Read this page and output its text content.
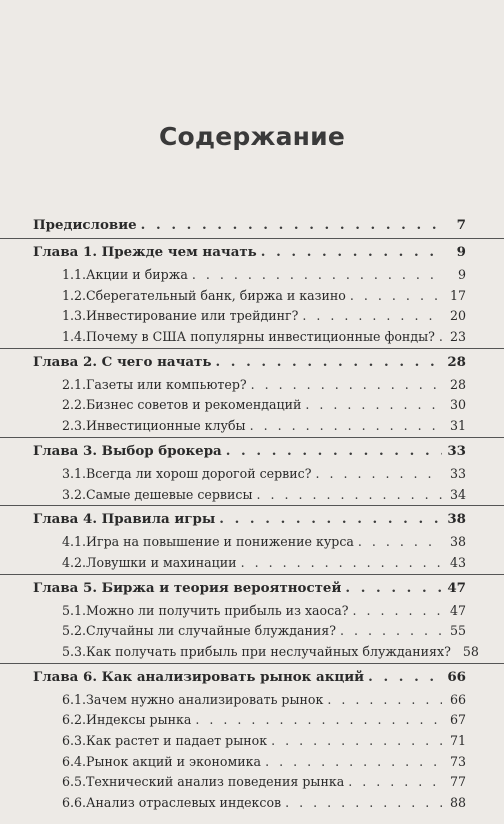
Содержание
Предисловие . . .	7
Глава 1. Прежде чем начать . . .	9
1.1. Акции и биржа . . .	9
1.2. Сберегательный банк, биржа и казино . . .	17
1.3. Инвестирование или трейдинг? . . .	20
1.4. Почему в США популярны инвестиционные фонды? . . .	23
Глава 2. С чего начать . . .	28
2.1. Газеты или компьютер? . . .	28
2.2. Бизнес советов и рекомендаций . . .	30
2.3. Инвестиционные клубы . . .	31
Глава 3. Выбор брокера . . .	33
3.1. Всегда ли хорош дорогой сервис? . . .	33
3.2. Самые дешевые сервисы . . .	34
Глава 4. Правила игры . . .	38
4.1. Игра на повышение и понижение курса . . .	38
4.2. Ловушки и махинации . . .	43
Глава 5. Биржа и теория вероятностей . . .	47
5.1. Можно ли получить прибыль из хаоса? . . .	47
5.2. Случайны ли случайные блуждания? . . .	55
5.3. Как получать прибыль при неслучайных блужданиях? 58
Глава 6. Как анализировать рынок акций . . .	66
6.1. Зачем нужно анализировать рынок . . .	66
6.2. Индексы рынка . . .	67
6.3. Как растет и падает рынок . . .	71
6.4. Рынок акций и экономика . . .	73
6.5. Технический анализ поведения рынка . . .	77
6.6. Анализ отраслевых индексов . . .	88
